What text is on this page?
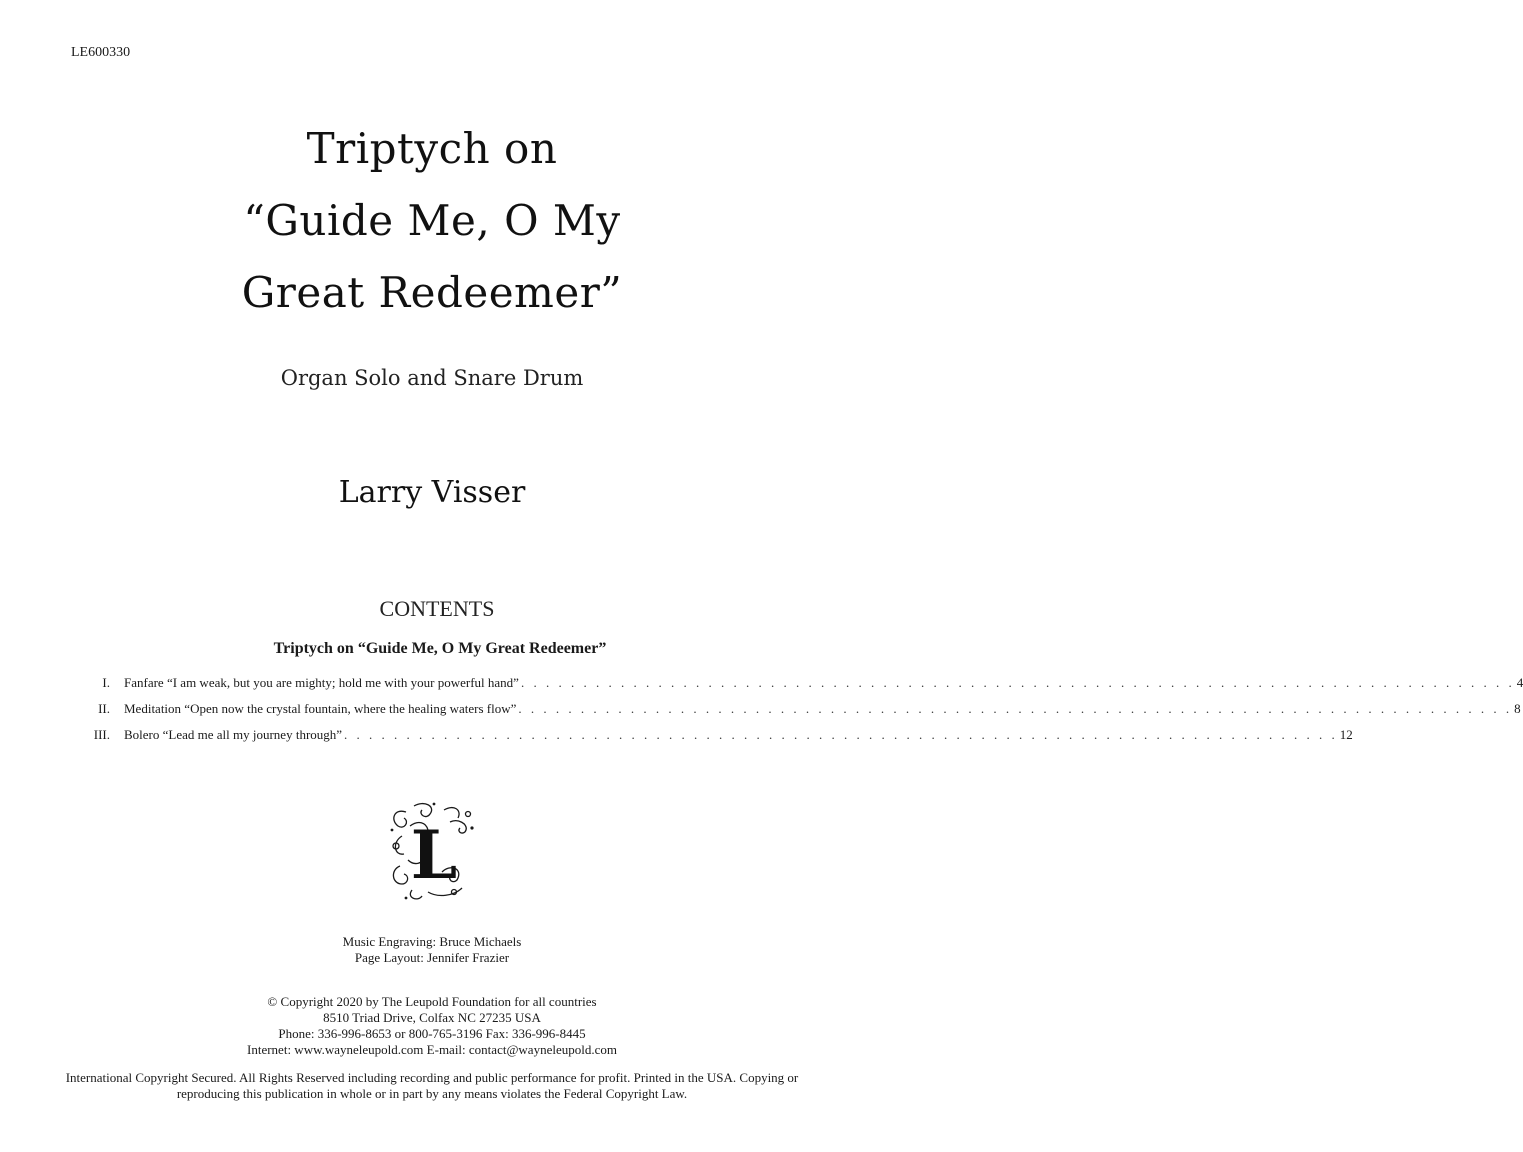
LE600330
Triptych on
“Guide Me, O My
Great Redeemer”
Organ Solo and Snare Drum
Larry Visser
CONTENTS
Triptych on “Guide Me, O My Great Redeemer”
I.	Fanfare “I am weak, but you are mighty; hold me with your powerful hand” . . . . . . . . . . . . . . . . . . . . . . . . . . . . . . . . . . . . . . . . . . . . . . . . . . . . . . . . . . . . . . . . . . . . . . . . . . . . . . . . 4
II.	Meditation “Open now the crystal fountain, where the healing waters flow” . . . . . . . . . . . . . . . . . . . . . . . . . . . . . . . . . . . . . . . . . . . . . . . . . . . . . . . . . . . . . . . . . . . . . . . . . . . . . . . . 8
III.	Bolero “Lead me all my journey through” . . . . . . . . . . . . . . . . . . . . . . . . . . . . . . . . . . . . . . . . . . . . . . . . . . . . . . . . . . . . . . . . . . . . . . . . . . . . . . . . 12
L
Music Engraving: Bruce Michaels
Page Layout: Jennifer Frazier
© Copyright 2020 by The Leupold Foundation for all countries
8510 Triad Drive, Colfax NC 27235 USA
Phone: 336-996-8653 or 800-765-3196 Fax: 336-996-8445
Internet: www.wayneleupold.com E-mail: contact@wayneleupold.com
International Copyright Secured. All Rights Reserved including recording and public performance for profit. Printed in the USA. Copying or
reproducing this publication in whole or in part by any means violates the Federal Copyright Law.
